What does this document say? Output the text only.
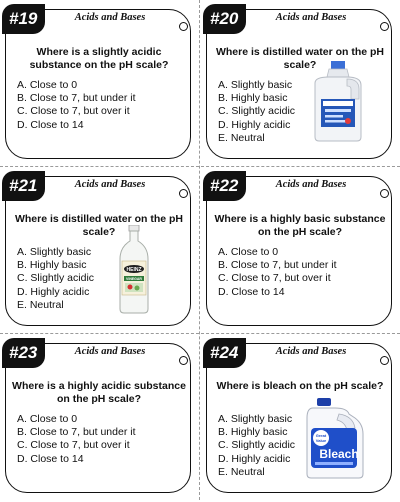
#19	Acids and Bases
Where is a slightly acidic substance on the pH scale?
A. Close to 0
B. Close to 7, but under it
C. Close to 7, but over it
D. Close to 14
#20	Acids and Bases
Where is distilled water on the pH scale?
A. Slightly basic
B. Highly basic
C. Slightly acidic
D. Highly acidic
E. Neutral
#21	Acids and Bases
Where is distilled water on the pH scale?
A. Slightly basic
B. Highly basic
C. Slightly acidic
D. Highly acidic
E. Neutral
HEINZ
VINEGAR
#22	Acids and Bases
Where is a highly basic substance on the pH scale?
A. Close to 0
B. Close to 7, but under it
C. Close to 7, but over it
D. Close to 14
#23	Acids and Bases
Where is a highly acidic substance on the pH scale?
A. Close to 0
B. Close to 7, but under it
C. Close to 7, but over it
D. Close to 14
#24	Acids and Bases
Where is bleach on the pH scale?
A. Slightly basic
B. Highly basic
C. Slightly acidic
D. Highly acidic
E. Neutral
Great
Value
Bleach
